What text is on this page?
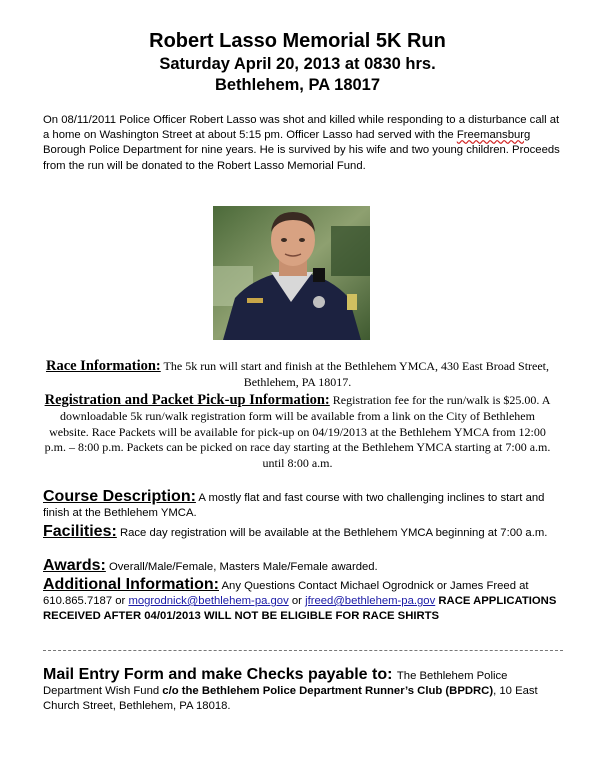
Robert Lasso Memorial 5K Run
Saturday April 20, 2013 at 0830 hrs.
Bethlehem, PA 18017
On 08/11/2011 Police Officer Robert Lasso was shot and killed while responding to a disturbance call at a home on Washington Street at about 5:15 pm. Officer Lasso had served with the Freemansburg Borough Police Department for nine years. He is survived by his wife and two young children. Proceeds from the run will be donated to the Robert Lasso Memorial Fund.
Race Information: The 5k run will start and finish at the Bethlehem YMCA, 430 East Broad Street, Bethlehem, PA 18017.
Registration and Packet Pick-up Information: Registration fee for the run/walk is $25.00. A downloadable 5k run/walk registration form will be available from a link on the City of Bethlehem website. Race Packets will be available for pick-up on 04/19/2013 at the Bethlehem YMCA from 12:00 p.m. – 8:00 p.m. Packets can be picked on race day starting at the Bethlehem YMCA starting at 7:00 a.m. until 8:00 a.m.
Course Description: A mostly flat and fast course with two challenging inclines to start and finish at the Bethlehem YMCA.
Facilities: Race day registration will be available at the Bethlehem YMCA beginning at 7:00 a.m.
Awards: Overall/Male/Female, Masters Male/Female awarded.
Additional Information: Any Questions Contact Michael Ogrodnick or James Freed at 610.865.7187 or mogrodnick@bethlehem-pa.gov or jfreed@bethlehem-pa.gov RACE APPLICATIONS RECEIVED AFTER 04/01/2013 WILL NOT BE ELIGIBLE FOR RACE SHIRTS
Mail Entry Form and make Checks payable to: The Bethlehem Police Department Wish Fund c/o the Bethlehem Police Department Runner’s Club (BPDRC), 10 East Church Street, Bethlehem, PA 18018.
